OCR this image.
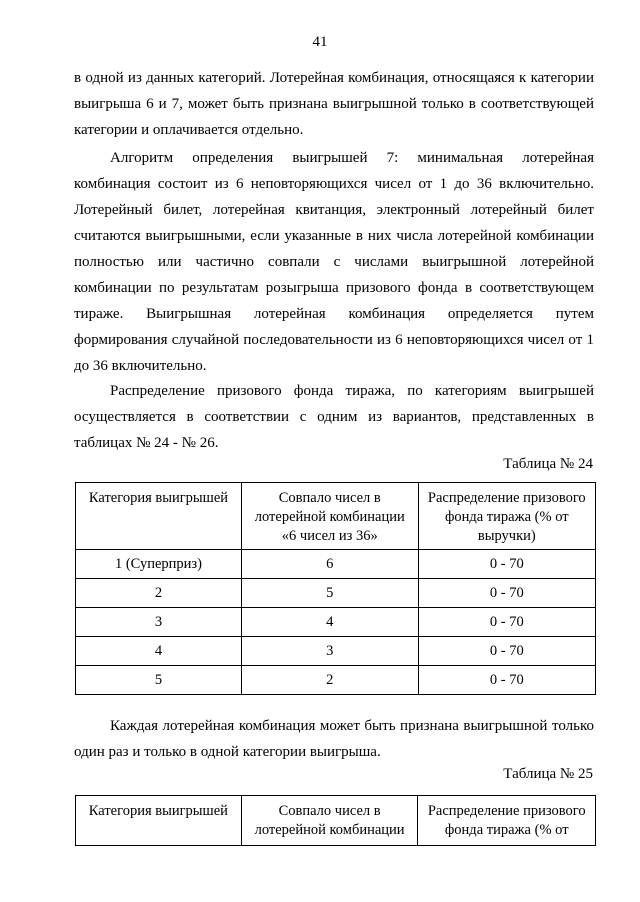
41

в одной из данных категорий. Лотерейная комбинация, относящаяся к категории выигрыша 6 и 7, может быть признана выигрышной только в соответствующей категории и оплачивается отдельно.

Алгоритм определения выигрышей 7: минимальная лотерейная комбинация состоит из 6 неповторяющихся чисел от 1 до 36 включительно. Лотерейный билет, лотерейная квитанция, электронный лотерейный билет считаются выигрышными, если указанные в них числа лотерейной комбинации полностью или частично совпали с числами выигрышной лотерейной комбинации по результатам розыгрыша призового фонда в соответствующем тираже. Выигрышная лотерейная комбинация определяется путем формирования случайной последовательности из 6 неповторяющихся чисел от 1 до 36 включительно.

Распределение призового фонда тиража, по категориям выигрышей осуществляется в соответствии с одним из вариантов, представленных в таблицах № 24 - № 26.

Таблица № 24
Категория выигрышей	Совпало чисел в лотерейной комбинации «6 чисел из 36»	Распределение призового фонда тиража (% от выручки)
1 (Суперприз)	6	0 - 70
2	5	0 - 70
3	4	0 - 70
4	3	0 - 70
5	2	0 - 70

Каждая лотерейная комбинация может быть признана выигрышной только один раз и только в одной категории выигрыша.

Таблица № 25
Категория выигрышей	Совпало чисел в лотерейной комбинации	Распределение призового фонда тиража (% от
